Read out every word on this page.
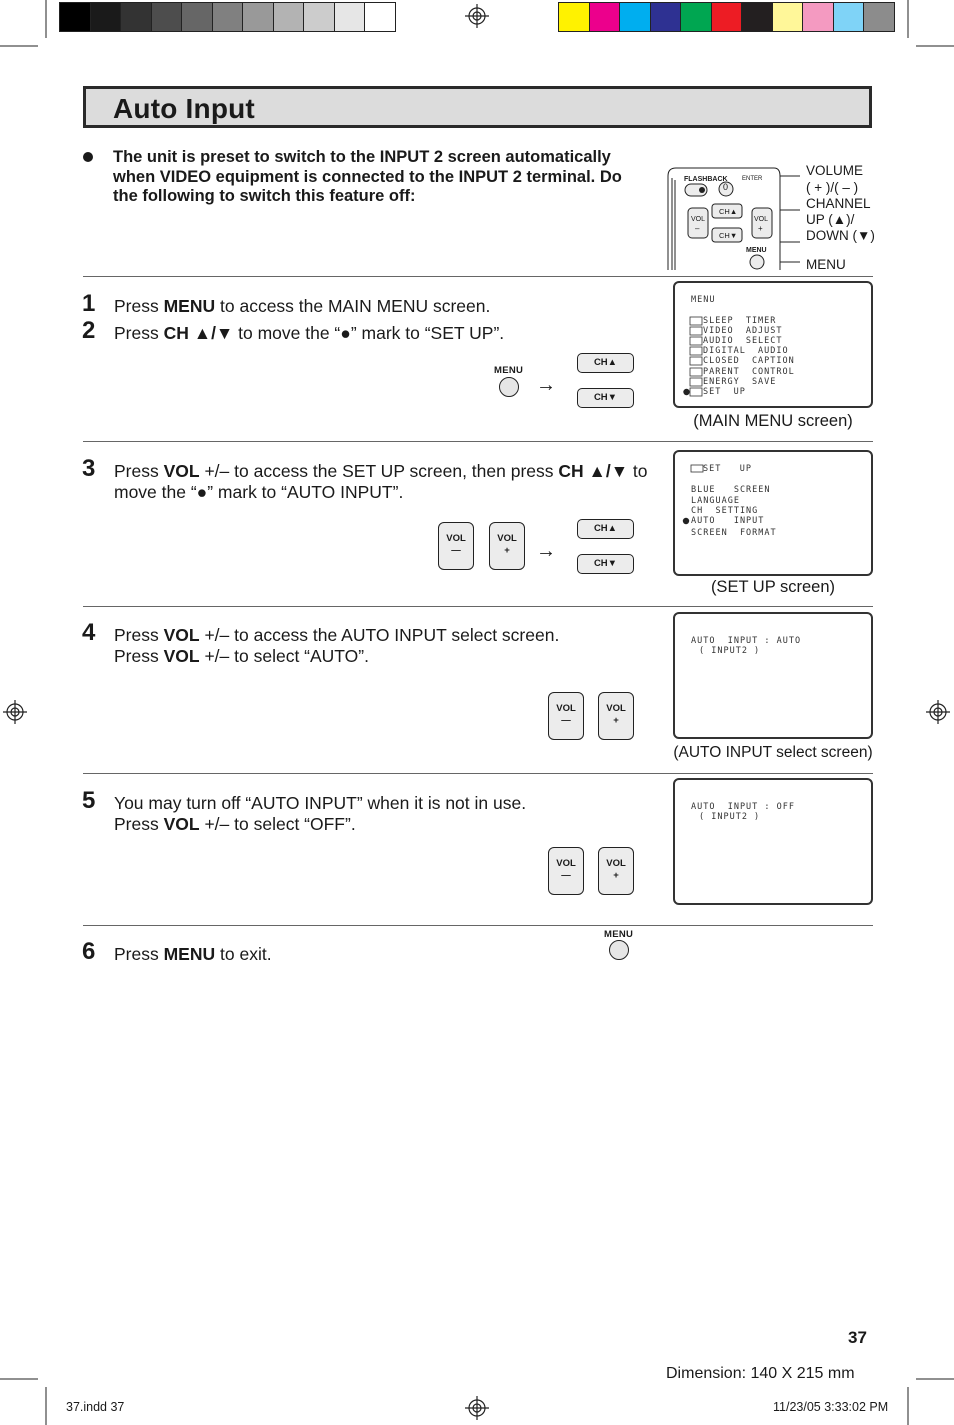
Auto Input
The unit is preset to switch to the INPUT 2 screen automatically when VIDEO equipment is connected to the INPUT 2 terminal. Do the following to switch this feature off:
FLASHBACK
0
ENTER
CH▲
CH▼
VOL
–
VOL
+
MENU
VOLUME
( + )/( – )
CHANNEL
UP (▲)/
DOWN (▼)
MENU
1 Press MENU to access the MAIN MENU screen.
2 Press CH ▲/▼ to move the “●” mark to “SET UP”.
MENU
→
CH▲
CH▼
MENU
SLEEP  TIMER
VIDEO  ADJUST
AUDIO  SELECT
DIGITAL  AUDIO
CLOSED  CAPTION
PARENT  CONTROL
ENERGY  SAVE
SET  UP
(MAIN MENU screen)
3 Press VOL +/– to access the SET UP screen, then press CH ▲/▼ to move the “●” mark to “AUTO INPUT”.
VOL
—
VOL
+	→
CH▲
CH▼
SET   UP
BLUE   SCREEN
LANGUAGE
CH  SETTING
AUTO   INPUT
SCREEN  FORMAT
(SET UP screen)
4 Press VOL +/– to access the AUTO INPUT select screen.
Press VOL +/– to select “AUTO”.
VOL
—
VOL
+
AUTO  INPUT : AUTO
( INPUT2 )
(AUTO INPUT select screen)
5 You may turn off “AUTO INPUT” when it is not in use.
Press VOL +/– to select “OFF”.
VOL
—
VOL
+
AUTO  INPUT : OFF
( INPUT2 )
6 Press MENU to exit.
MENU
37
Dimension: 140 X 215 mm
37.indd 37	11/23/05 3:33:02 PM
